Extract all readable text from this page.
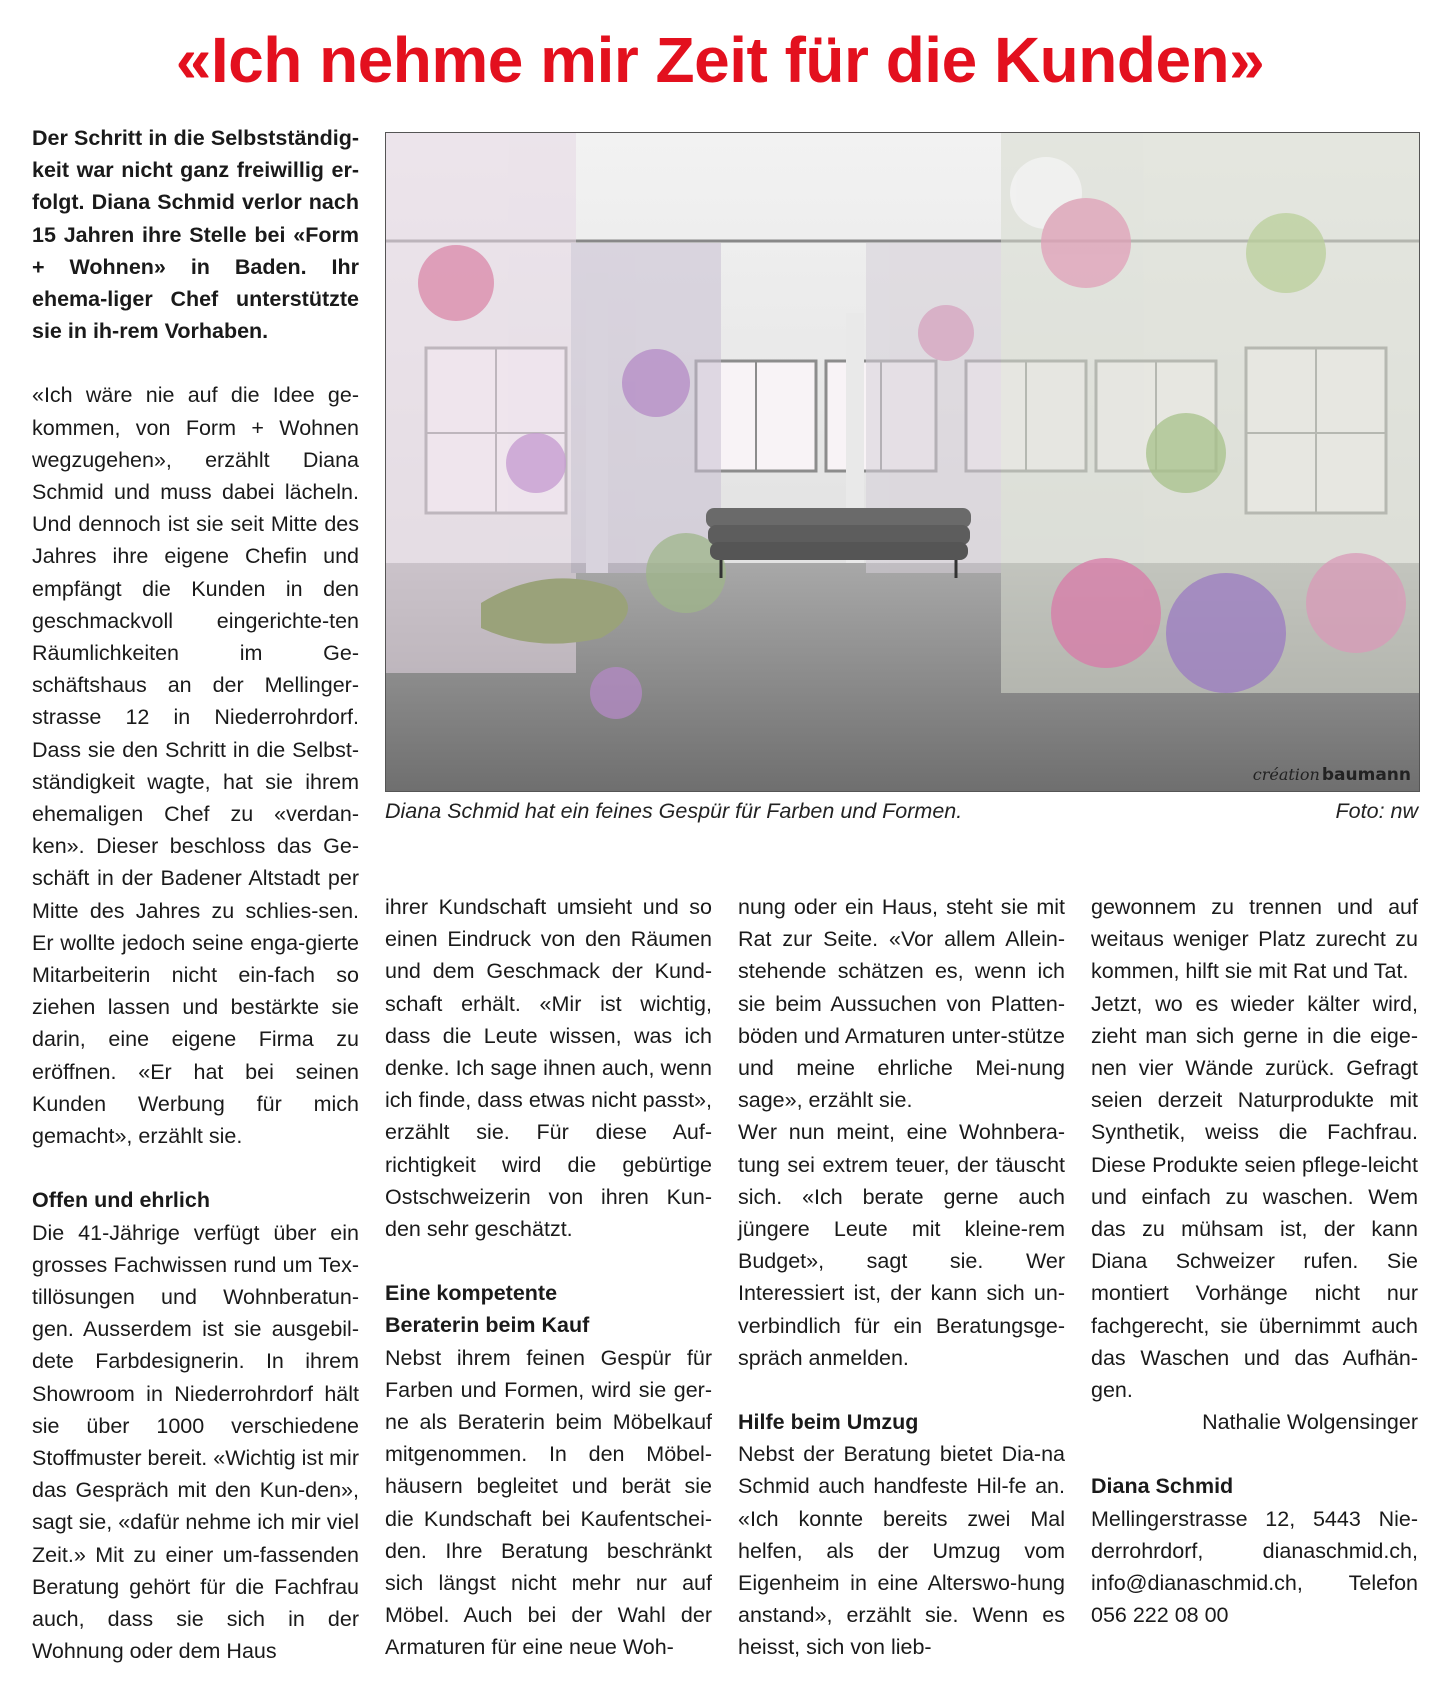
«Ich nehme mir Zeit für die Kunden»

Der Schritt in die Selbstständig-keit war nicht ganz freiwillig er-folgt. Diana Schmid verlor nach 15 Jahren ihre Stelle bei «Form + Wohnen» in Baden. Ihr ehema-liger Chef unterstützte sie in ih-rem Vorhaben.

«Ich wäre nie auf die Idee ge-kommen, von Form + Wohnen wegzugehen», erzählt Diana Schmid und muss dabei lächeln. Und dennoch ist sie seit Mitte des Jahres ihre eigene Chefin und empfängt die Kunden in den geschmackvoll eingerichte-ten Räumlichkeiten im Ge-schäftshaus an der Mellinger-strasse 12 in Niederrohrdorf. Dass sie den Schritt in die Selbst-ständigkeit wagte, hat sie ihrem ehemaligen Chef zu «verdan-ken». Dieser beschloss das Ge-schäft in der Badener Altstadt per Mitte des Jahres zu schlies-sen. Er wollte jedoch seine enga-gierte Mitarbeiterin nicht ein-fach so ziehen lassen und bestärkte sie darin, eine eigene Firma zu eröffnen. «Er hat bei seinen Kunden Werbung für mich gemacht», erzählt sie.

Offen und ehrlich

Die 41-Jährige verfügt über ein grosses Fachwissen rund um Tex-tillösungen und Wohnberatun-gen. Ausserdem ist sie ausgebil-dete Farbdesignerin. In ihrem Showroom in Niederrohrdorf hält sie über 1000 verschiedene Stoffmuster bereit. «Wichtig ist mir das Gespräch mit den Kun-den», sagt sie, «dafür nehme ich mir viel Zeit.» Mit zu einer um-fassenden Beratung gehört für die Fachfrau auch, dass sie sich in der Wohnung oder dem Haus

création baumann
Diana Schmid hat ein feines Gespür für Farben und Formen.	Foto: nw

ihrer Kundschaft umsieht und so einen Eindruck von den Räumen und dem Geschmack der Kund-schaft erhält. «Mir ist wichtig, dass die Leute wissen, was ich denke. Ich sage ihnen auch, wenn ich finde, dass etwas nicht passt», erzählt sie. Für diese Auf-richtigkeit wird die gebürtige Ostschweizerin von ihren Kun-den sehr geschätzt.

Eine kompetente

Beraterin beim Kauf

Nebst ihrem feinen Gespür für Farben und Formen, wird sie ger-ne als Beraterin beim Möbelkauf mitgenommen. In den Möbel-häusern begleitet und berät sie die Kundschaft bei Kaufentschei-den. Ihre Beratung beschränkt sich längst nicht mehr nur auf Möbel. Auch bei der Wahl der Armaturen für eine neue Woh-

nung oder ein Haus, steht sie mit Rat zur Seite. «Vor allem Allein-stehende schätzen es, wenn ich sie beim Aussuchen von Platten-böden und Armaturen unter-stütze und meine ehrliche Mei-nung sage», erzählt sie.

Wer nun meint, eine Wohnbera-tung sei extrem teuer, der täuscht sich. «Ich berate gerne auch jüngere Leute mit kleine-rem Budget», sagt sie. Wer Interessiert ist, der kann sich un-verbindlich für ein Beratungsge-spräch anmelden.

Hilfe beim Umzug

Nebst der Beratung bietet Dia-na Schmid auch handfeste Hil-fe an. «Ich konnte bereits zwei Mal helfen, als der Umzug vom Eigenheim in eine Alterswo-hung anstand», erzählt sie. Wenn es heisst, sich von lieb-

gewonnem zu trennen und auf weitaus weniger Platz zurecht zu kommen, hilft sie mit Rat und Tat.

Jetzt, wo es wieder kälter wird, zieht man sich gerne in die eige-nen vier Wände zurück. Gefragt seien derzeit Naturprodukte mit Synthetik, weiss die Fachfrau. Diese Produkte seien pflege-leicht und einfach zu waschen. Wem das zu mühsam ist, der kann Diana Schweizer rufen. Sie montiert Vorhänge nicht nur fachgerecht, sie übernimmt auch das Waschen und das Aufhän-gen.

Nathalie Wolgensinger

Diana Schmid

Mellingerstrasse 12, 5443 Nie-derrohrdorf, dianaschmid.ch, info@dianaschmid.ch, Telefon 056 222 08 00
